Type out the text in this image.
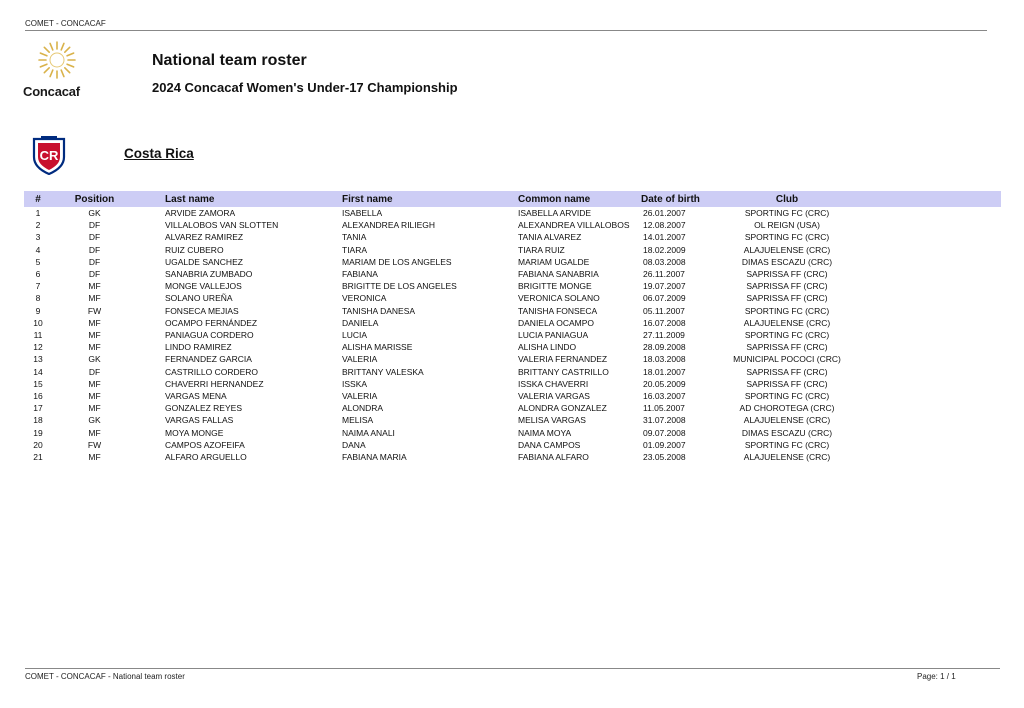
COMET - CONCACAF
Concacaf
National team roster
2024 Concacaf Women's Under-17 Championship
CR	Costa Rica
#	Position	Last name	First name	Common name	Date of birth	Club	
1	GK	ARVIDE ZAMORA	ISABELLA	ISABELLA ARVIDE	26.01.2007	SPORTING FC (CRC)	
2	DF	VILLALOBOS VAN SLOTTEN	ALEXANDREA RILIEGH	ALEXANDREA VILLALOBOS	12.08.2007	OL REIGN (USA)	
3	DF	ALVAREZ RAMIREZ	TANIA	TANIA ALVAREZ	14.01.2007	SPORTING FC (CRC)	
4	DF	RUIZ CUBERO	TIARA	TIARA RUIZ	18.02.2009	ALAJUELENSE (CRC)	
5	DF	UGALDE SANCHEZ	MARIAM DE LOS ANGELES	MARIAM UGALDE	08.03.2008	DIMAS ESCAZU (CRC)	
6	DF	SANABRIA ZUMBADO	FABIANA	FABIANA SANABRIA	26.11.2007	SAPRISSA FF (CRC)	
7	MF	MONGE VALLEJOS	BRIGITTE DE LOS ANGELES	BRIGITTE MONGE	19.07.2007	SAPRISSA FF (CRC)	
8	MF	SOLANO UREÑA	VERONICA	VERONICA SOLANO	06.07.2009	SAPRISSA FF (CRC)	
9	FW	FONSECA MEJIAS	TANISHA DANESA	TANISHA FONSECA	05.11.2007	SPORTING FC (CRC)	
10	MF	OCAMPO FERNÁNDEZ	DANIELA	DANIELA OCAMPO	16.07.2008	ALAJUELENSE (CRC)	
11	MF	PANIAGUA CORDERO	LUCIA	LUCIA PANIAGUA	27.11.2009	SPORTING FC (CRC)	
12	MF	LINDO RAMIREZ	ALISHA MARISSE	ALISHA LINDO	28.09.2008	SAPRISSA FF (CRC)	
13	GK	FERNANDEZ GARCIA	VALERIA	VALERIA FERNANDEZ	18.03.2008	MUNICIPAL POCOCI (CRC)	
14	DF	CASTRILLO CORDERO	BRITTANY VALESKA	BRITTANY CASTRILLO	18.01.2007	SAPRISSA FF (CRC)	
15	MF	CHAVERRI HERNANDEZ	ISSKA	ISSKA CHAVERRI	20.05.2009	SAPRISSA FF (CRC)	
16	MF	VARGAS MENA	VALERIA	VALERIA VARGAS	16.03.2007	SPORTING FC (CRC)	
17	MF	GONZALEZ REYES	ALONDRA	ALONDRA GONZALEZ	11.05.2007	AD CHOROTEGA (CRC)	
18	GK	VARGAS FALLAS	MELISA	MELISA VARGAS	31.07.2008	ALAJUELENSE (CRC)	
19	MF	MOYA MONGE	NAIMA ANALI	NAIMA MOYA	09.07.2008	DIMAS ESCAZU (CRC)	
20	FW	CAMPOS AZOFEIFA	DANA	DANA CAMPOS	01.09.2007	SPORTING FC (CRC)	
21	MF	ALFARO ARGUELLO	FABIANA MARIA	FABIANA ALFARO	23.05.2008	ALAJUELENSE (CRC)	
COMET - CONCACAF - National team roster	Page: 1 / 1
